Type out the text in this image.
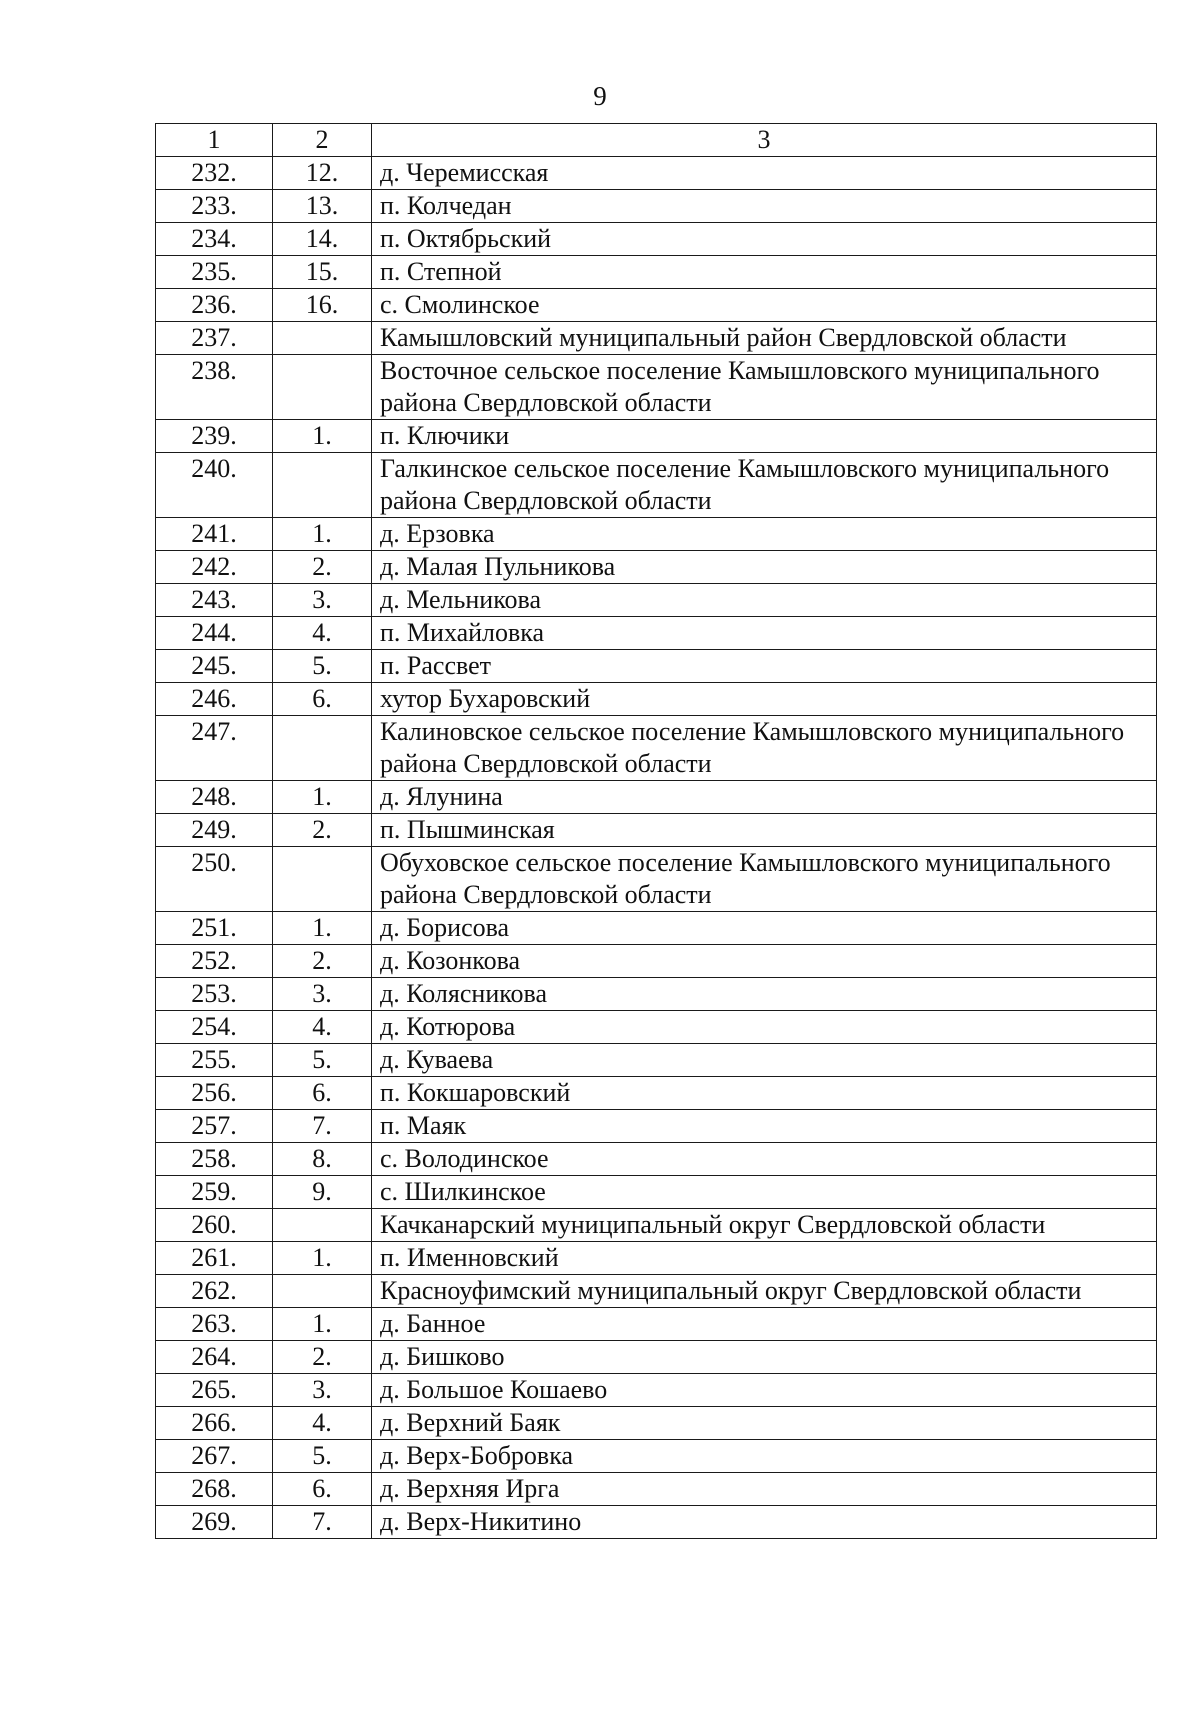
9
1	2	3
232.	12.	д. Черемисская
233.	13.	п. Колчедан
234.	14.	п. Октябрьский
235.	15.	п. Степной
236.	16.	с. Смолинское
237.		Камышловский муниципальный район Свердловской области
238.		Восточное сельское поселение Камышловского муниципального района Свердловской области
239.	1.	п. Ключики
240.		Галкинское сельское поселение Камышловского муниципального района Свердловской области
241.	1.	д. Ерзовка
242.	2.	д. Малая Пульникова
243.	3.	д. Мельникова
244.	4.	п. Михайловка
245.	5.	п. Рассвет
246.	6.	хутор Бухаровский
247.		Калиновское сельское поселение Камышловского муниципального района Свердловской области
248.	1.	д. Ялунина
249.	2.	п. Пышминская
250.		Обуховское сельское поселение Камышловского муниципального района Свердловской области
251.	1.	д. Борисова
252.	2.	д. Козонкова
253.	3.	д. Колясникова
254.	4.	д. Котюрова
255.	5.	д. Куваева
256.	6.	п. Кокшаровский
257.	7.	п. Маяк
258.	8.	с. Володинское
259.	9.	с. Шилкинское
260.		Качканарский муниципальный округ Свердловской области
261.	1.	п. Именновский
262.		Красноуфимский муниципальный округ Свердловской области
263.	1.	д. Банное
264.	2.	д. Бишково
265.	3.	д. Большое Кошаево
266.	4.	д. Верхний Баяк
267.	5.	д. Верх-Бобровка
268.	6.	д. Верхняя Ирга
269.	7.	д. Верх-Никитино
